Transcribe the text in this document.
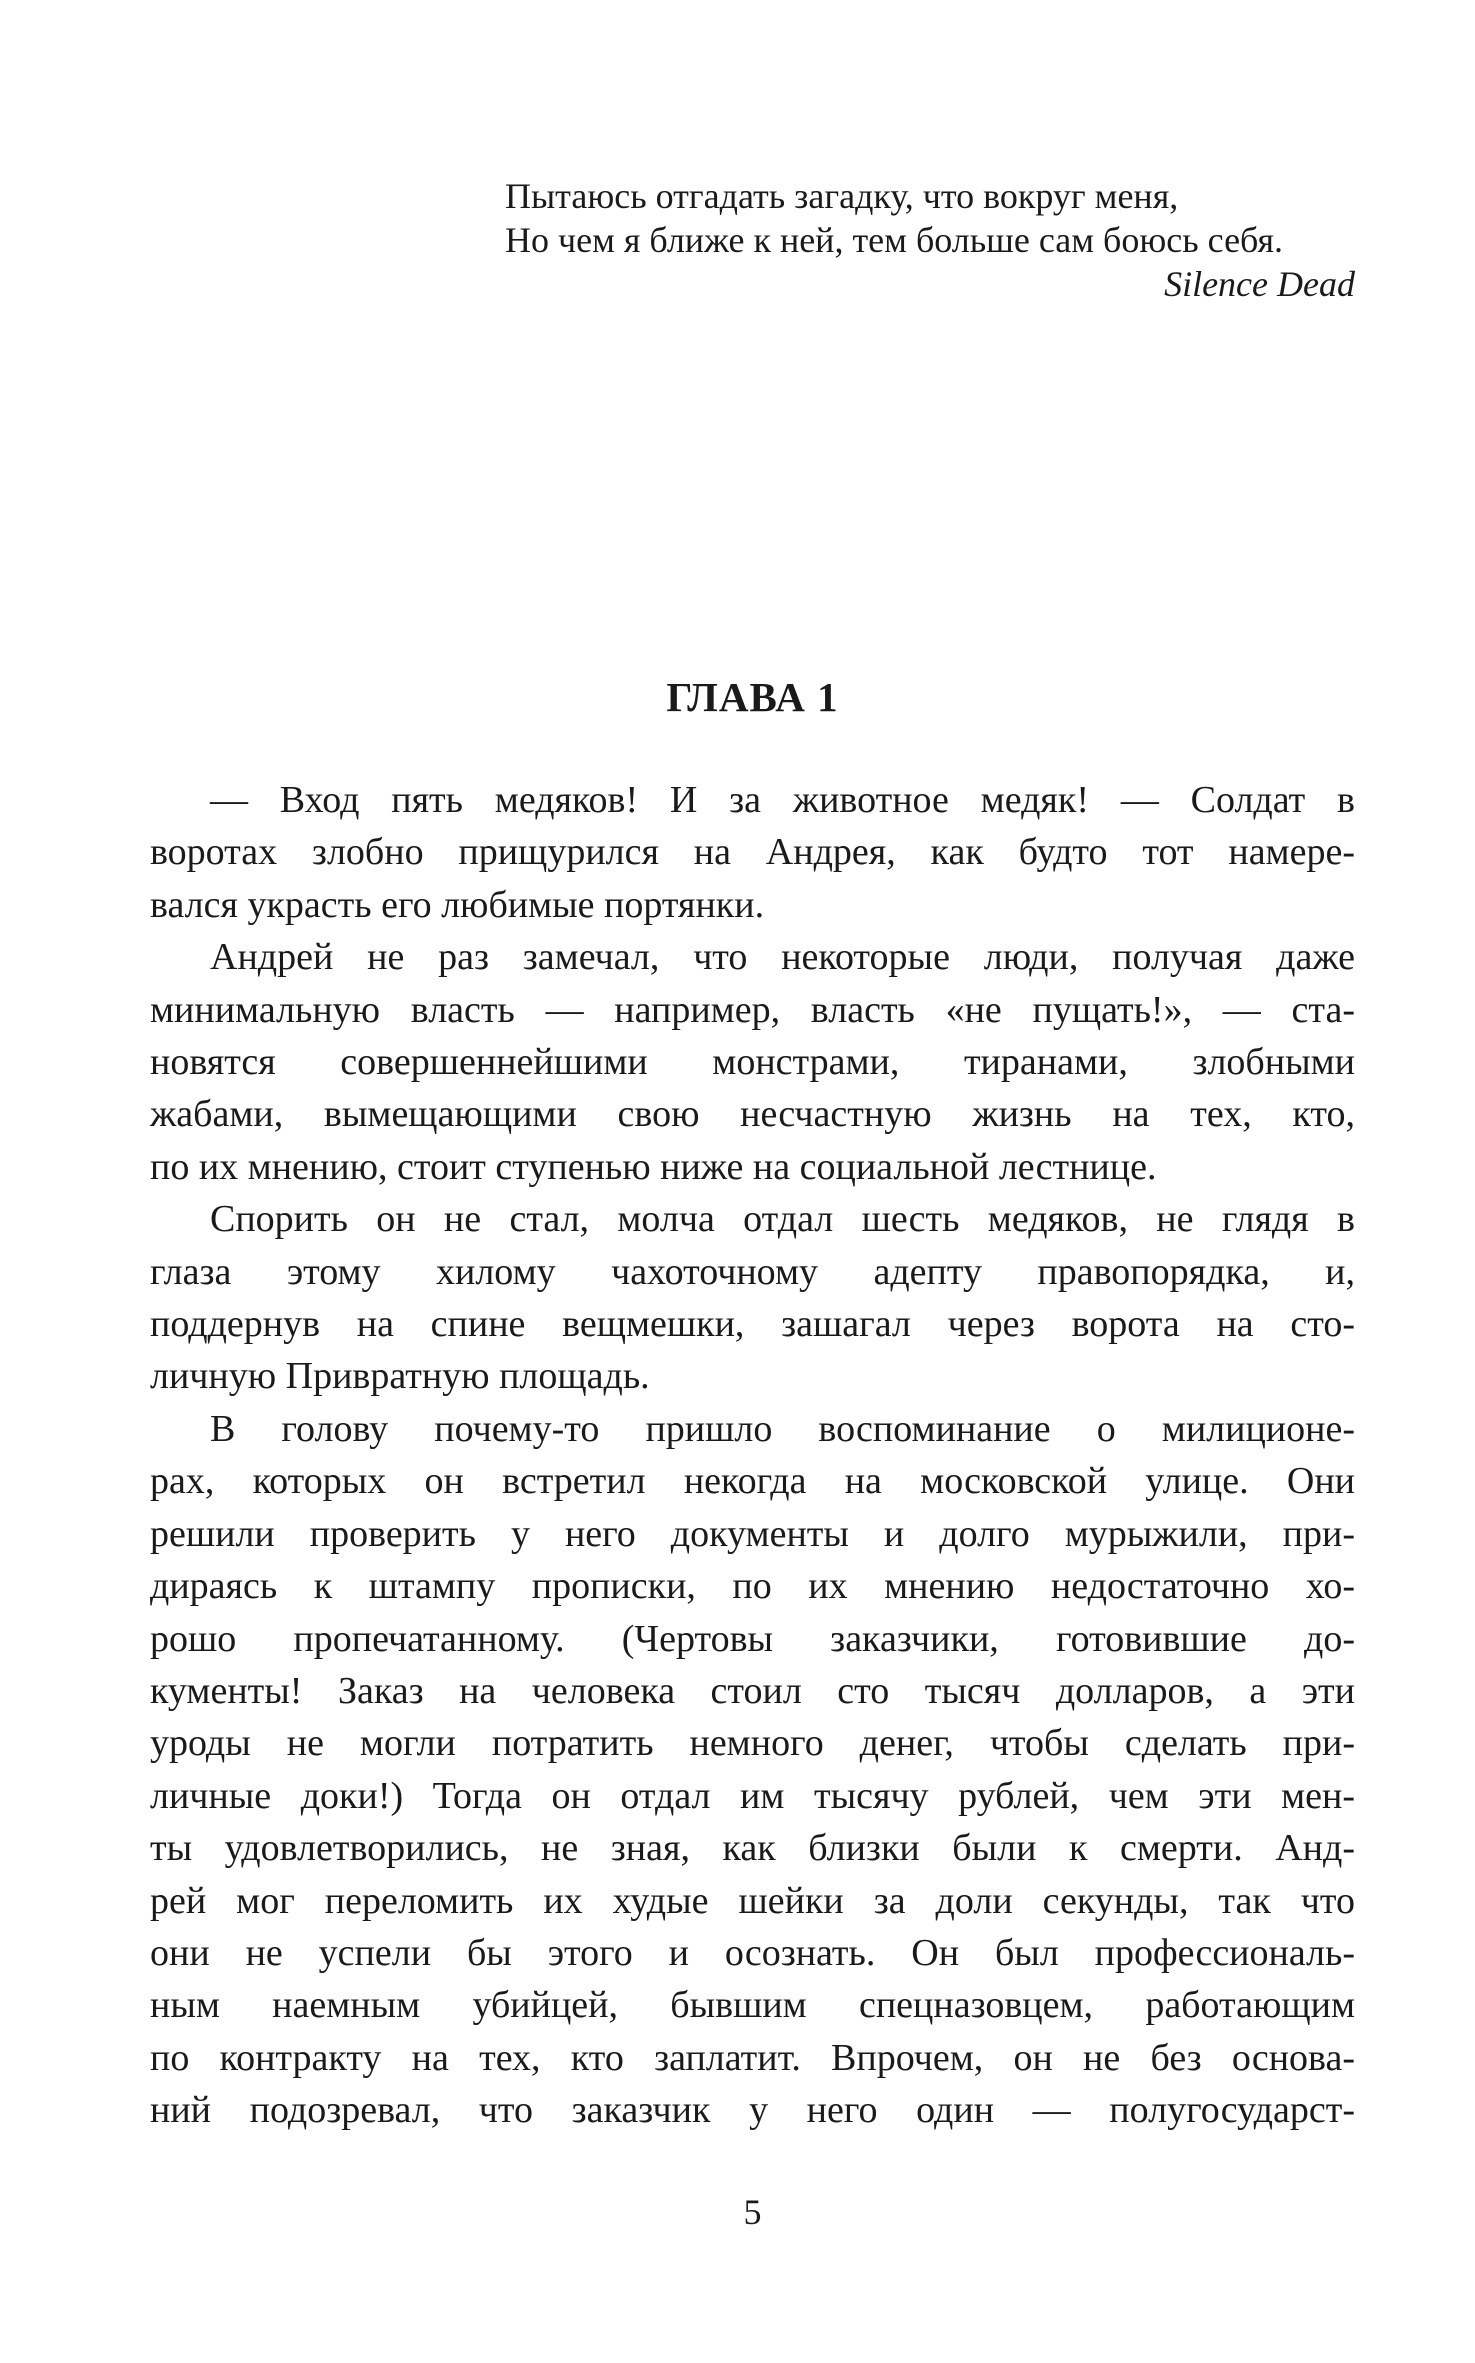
Пытаюсь отгадать загадку, что вокруг меня,
Но чем я ближе к ней, тем больше сам боюсь себя.
Silence Dead
ГЛАВА 1
— Вход пять медяков! И за животное медяк! — Солдат в
воротах злобно прищурился на Андрея, как будто тот намере-
вался украсть его любимые портянки.
Андрей не раз замечал, что некоторые люди, получая даже
минимальную власть — например, власть «не пущать!», — ста-
новятся совершеннейшими монстрами, тиранами, злобными
жабами, вымещающими свою несчастную жизнь на тех, кто,
по их мнению, стоит ступенью ниже на социальной лестнице.
Спорить он не стал, молча отдал шесть медяков, не глядя в
глаза этому хилому чахоточному адепту правопорядка, и,
поддернув на спине вещмешки, зашагал через ворота на сто-
личную Привратную площадь.
В голову почему-то пришло воспоминание о милиционе-
рах, которых он встретил некогда на московской улице. Они
решили проверить у него документы и долго мурыжили, при-
дираясь к штампу прописки, по их мнению недостаточно хо-
рошо пропечатанному. (Чертовы заказчики, готовившие до-
кументы! Заказ на человека стоил сто тысяч долларов, а эти
уроды не могли потратить немного денег, чтобы сделать при-
личные доки!) Тогда он отдал им тысячу рублей, чем эти мен-
ты удовлетворились, не зная, как близки были к смерти. Анд-
рей мог переломить их худые шейки за доли секунды, так что
они не успели бы этого и осознать. Он был профессиональ-
ным наемным убийцей, бывшим спецназовцем, работающим
по контракту на тех, кто заплатит. Впрочем, он не без основа-
ний подозревал, что заказчик у него один — полугосударст-
5
